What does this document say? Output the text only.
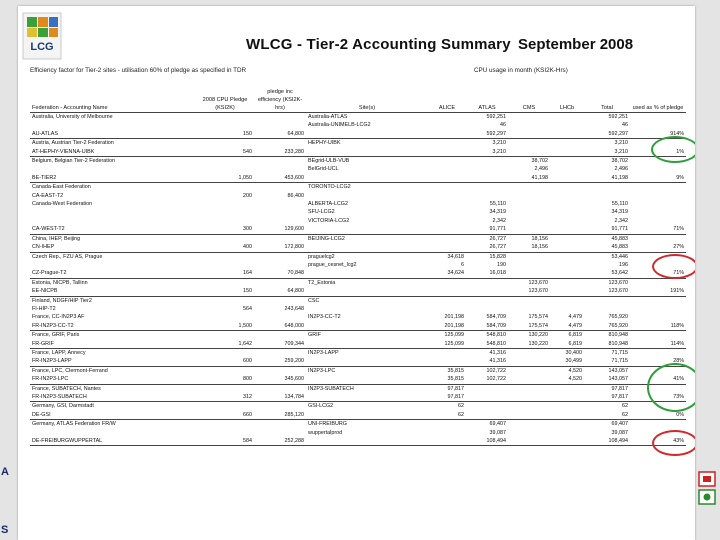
LCG	WLCG - Tier-2 Accounting Summary September 2008
Efficiency factor for Tier-2 sites - utilisation 60% of pledge as specified in TDR	CPU usage in month (KSI2K-Hrs)
Federation - Accounting Name	2008 CPU Pledge (KSI2K)	pledge inc efficiency (KSI2K-hrs)	Site(s)	ALICE	ATLAS	CMS	LHCb	Total	used as % of pledge
Australia, University of Melbourne			Australia-ATLAS		592,251			592,251	
			Australia-UNIMELB-LCG2		46			46	
AU-ATLAS	150	64,800			592,297			592,297	914%
Austria, Austrian Tier-2 Federation			HEPHY-UIBK		3,210			3,210	
AT-HEPHY-VIENNA-UIBK	540	233,280			3,210			3,210	1%
Belgium, Belgian Tier-2 Federation			BEgrid-ULB-VUB			38,702		38,702	
			BelGrid-UCL			2,496		2,496	
BE-TIER2	1,050	453,600				41,198		41,198	9%
Canada-East Federation			TORONTO-LCG2						
CA-EAST-T2	200	86,400							
Canada-West Federation			ALBERTA-LCG2		55,110			55,110	
			SFU-LCG2		34,319			34,319	
			VICTORIA-LCG2		2,342			2,342	
CA-WEST-T2	300	129,600			91,771			91,771	71%
China, IHEP, Beijing			BEIJING-LCG2		26,727	18,156		45,883	
CN-IHEP	400	172,800			26,727	18,156		45,883	27%
Czech Rep., FZU AS, Prague			praguelcg2	34,618	15,828			53,446	
			prague_cesnet_lcg2	6	190			196	
CZ-Prague-T2	164	70,848		34,624	16,018			53,642	71%
Estonia, NICPB, Tallinn			T2_Estonia			123,670		123,670	
EE-NICPB	150	64,800				123,670		123,670	191%
Finland, NDGF/HIP Tier2			CSC						
FI-HIP-T2	564	243,648							
France, CC-IN2P3 AF			IN2P3-CC-T2	201,198	584,709	175,574	4,479	765,920	
FR-IN2P3-CC-T2	1,500	648,000		201,198	584,709	175,574	4,479	765,920	118%
France, GRIF, Paris			GRIF	125,099	548,810	130,220	6,819	810,948	
FR-GRIF	1,642	709,344		125,099	548,810	130,220	6,819	810,948	114%
France, LAPP, Annecy			IN2P3-LAPP		41,316		30,400	71,715	
FR-IN2P3-LAPP	600	259,200			41,316		30,499	71,715	28%
France, LPC, Clermont-Ferrand			IN2P3-LPC	35,815	102,722		4,520	143,057	
FR-IN2P3-LPC	800	345,600		35,815	102,722		4,520	143,057	41%
France, SUBATECH, Nantes			IN2P3-SUBATECH	97,817				97,817	
FR-IN2P3-SUBATECH	312	134,784		97,817				97,817	73%
Germany, GSI, Darmstadt			GSI-LCG2	62				62	
DE-GSI	660	285,120		62				62	0%
Germany, ATLAS Federation FR/W			UNI-FREIBURG		69,407			69,407	
			wuppertalprod		39,087			39,087	
DE-FREIBURGWUPPERTAL	584	252,288			108,494			108,494	43%
A
S
